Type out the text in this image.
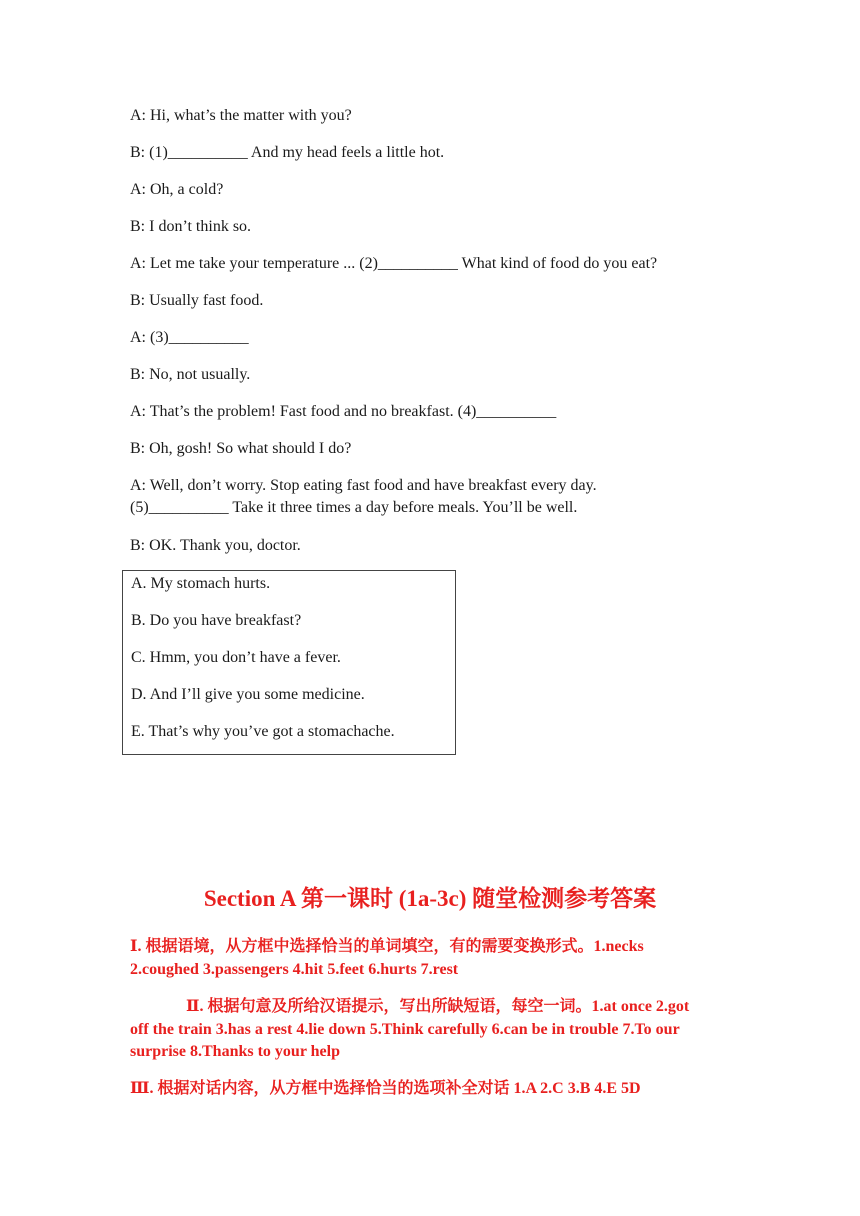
A: Hi, what’s the matter with you?
B: (1)__________ And my head feels a little hot.
A: Oh, a cold?
B: I don’t think so.
A: Let me take your temperature ... (2)__________ What kind of food do you eat?
B: Usually fast food.
A: (3)__________
B: No, not usually.
A: That’s the problem! Fast food and no breakfast. (4)__________
B: Oh, gosh! So what should I do?
A: Well, don’t worry. Stop eating fast food and have breakfast every day.
(5)__________ Take it three times a day before meals. You’ll be well.
B: OK. Thank you, doctor.
A. My stomach hurts.
B. Do you have breakfast?
C. Hmm, you don’t have a fever.
D. And I’ll give you some medicine.
E. That’s why you’ve got a stomachache.
Section A 第一课时 (1a-3c) 随堂检测参考答案
Ⅰ. 根据语境，从方框中选择恰当的单词填空，有的需要变换形式。1.necks
2.coughed 3.passengers 4.hit 5.feet 6.hurts 7.rest
Ⅱ. 根据句意及所给汉语提示，写出所缺短语，每空一词。1.at once 2.got
off the train 3.has a rest 4.lie down 5.Think carefully 6.can be in trouble 7.To our
surprise 8.Thanks to your help
Ⅲ. 根据对话内容，从方框中选择恰当的选项补全对话 1.A 2.C 3.B 4.E 5D
